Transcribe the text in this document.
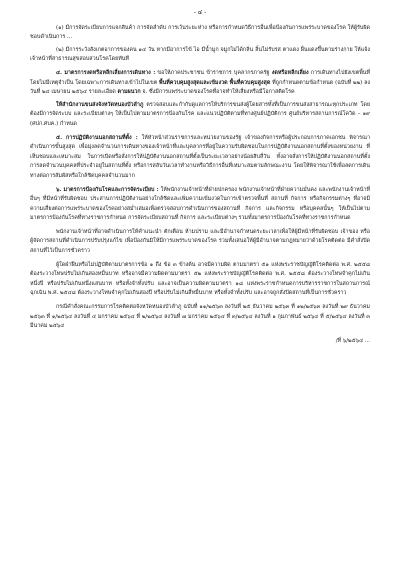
- ๔ -

(๑) มีการจัดระเบียบการแจกสินค้า การจัดลำดับ การเว้นระยะห่าง หรือการกำหนดวิธีการอื่นเพื่อป้องกันการแพร่ระบาดของโรค ให้ผู้รับผิดชอบดำเนินการ ...

(๒) มีการระวังสังเกตอาการของคน ๑๔ วัน หากมีอาการไข้ ไอ มีน้ำมูก จมูกไม่ได้กลิ่น ลิ้นไม่รับรส ตาแดง ผื่นแดงขึ้นตามร่างกาย ให้แจ้งเจ้าหน้าที่สาธารณสุขสอบสวนโรคโดยทันที

๔. มาตรการงดหรือหลีกเลี่ยงการเดินทาง : ขอให้ภาคประชาชน ข้าราชการ บุคลากรภาครัฐ งดหรือหลีกเลี่ยง การเดินทางไปยังเขตพื้นที่โดยไม่มีเหตุจำเป็น โดยเฉพาะการเดินทางเข้าไปในเขต พื้นที่ควบคุมสูงสุดและเข้มงวด พื้นที่ควบคุมสูงสุด ที่ถูกกำหนดตามข้อกำหนด (ฉบับที่ ๒๒) ลงวันที่ ๒๔ เมษายน ๒๕๖๔ รายละเอียด ตามผนวก จ. ซึ่งมีการแพร่ระบาดของโรคที่อาจทำให้เสี่ยงหรือมีโอกาสติดโรค

ให้สำนักงานขนส่งจังหวัดหนองบัวลำภู ตรวจสอบและกำกับดูแลการให้บริการขนส่งผู้โดยสารทั้งที่เป็นการขนส่งสาธารณะทุกประเภท โดยต้องมีการจัดระบบ และระเบียบต่างๆ ให้เป็นไปตามมาตรการป้องกันโรค และแนวปฏิบัติตามที่ทางศูนย์ปฏิบัติการ ศูนย์บริหารสถานการณ์โควิด – ๑๙ (ศปก.ศบค.) กำหนด

๕. การปฏิบัติงานนอกสถานที่ตั้ง : ให้หัวหน้าส่วนราชการและหน่วยงานของรัฐ เจ้าของกิจการหรือผู้ประกอบการภาคเอกชน พิจารณาดำเนินการขั้นสูงสุด เพื่อมุ่งลดจำนวนการเดินทางของเจ้าหน้าที่และบุคลากรที่อยู่ในความรับผิดชอบในการปฏิบัติงานนอกสถานที่ตั้งของหน่วยงาน ที่เห็นชอบและเหมาะสม ในการเปิดหรือสั่งการให้ปฏิบัติงานนอกสถานที่ตั้งเป็นระยะเวลาอย่างน้อยสิบสี่วัน ทั้งอาจสั่งการให้ปฏิบัติงานนอกสถานที่ตั้ง การลดจำนวนบุคคลที่ประจำอยู่ในสถานที่ตั้ง หรือการสลับวันเวลาทำงานหรือวิธีการอื่นที่เหมาะสมตามลักษณะงาน โดยให้พิจารณาใช้เพื่อลดการเดินทางต่อการสัมผัสหรือใกล้ชิดบุคคลจำนวนมาก

๖. มาตรการป้องกันโรคและการจัดระเบียบ : ให้พนักงานเจ้าหน้าที่ฝ่ายปกครอง พนักงานเจ้าหน้าที่ฝ่ายความมั่นคง และพนักงานเจ้าหน้าที่อื่นๆ ที่มีหน้าที่รับผิดชอบ ประสานการปฏิบัติงานอย่างใกล้ชิดและเพิ่มความเข้มงวดในการเข้าตรวจพื้นที่ สถานที่ กิจการ หรือกิจกรรมต่างๆ ที่อาจมีความเสี่ยงต่อการแพร่ระบาดของโรคอย่างสม่ำเสมอเพื่อตรวจสอบการดำเนินการของสถานที่ กิจการ และกิจกรรม หรือบุคคลนั้นๆ ให้เป็นไปตามมาตรการป้องกันโรคที่ทางราชการกำหนด การจัดระเบียบสถานที่ กิจการ และระเบียบต่างๆ รวมทั้งมาตรการป้องกันโรคที่ทางราชการกำหนด

พนักงานเจ้าหน้าที่อาจดำเนินการให้คำแนะนำ ตักเตือน ห้ามปราม และมีอำนาจกำหนดระยะเวลาเพื่อให้ผู้มีหน้าที่รับผิดชอบ เจ้าของ หรือผู้จัดการสถานที่ดำเนินการปรับปรุงแก้ไข เพื่อป้องกันมิให้มีการแพร่ระบาดของโรค รวมทั้งเสนอให้ผู้มีอำนาจตามกฎหมายว่าด้วยโรคติดต่อ มีคำสั่งปิดสถานที่ไว้เป็นการชั่วคราว

ผู้ใดฝ่าฝืนหรือไม่ปฏิบัติตามมาตรการข้อ ๑ ถึง ข้อ ๓ ข้างต้น อาจมีความผิด ตามมาตรา ๕๑ แห่งพระราชบัญญัติโรคติดต่อ พ.ศ. ๒๕๕๘ ต้องระวางโทษปรับไม่เกินสองหมื่นบาท หรืออาจมีความผิดตามมาตรา ๕๒ แห่งพระราชบัญญัติโรคติดต่อ พ.ศ. ๒๕๕๘ ต้องระวางโทษจำคุกไม่เกินหนึ่งปี หรือปรับไม่เกินหนึ่งแสนบาท หรือทั้งจำทั้งปรับ และอาจเป็นความผิดตามมาตรา ๑๘ แห่งพระราชกำหนดการบริหารราชการในสถานการณ์ฉุกเฉิน พ.ศ. ๒๕๔๘ ต้องระวางโทษจำคุกไม่เกินสองปี หรือปรับไม่เกินสี่หมื่นบาท หรือทั้งจำทั้งปรับ และอาจถูกสั่งปิดสถานที่เป็นการชั่วคราว

กรณีคำสั่งคณะกรรมการโรคติดต่อจังหวัดหนองบัวลำภู ฉบับที่ ๑๑/๒๕๖๓ ลงวันที่ ๒๕ ธันวาคม ๒๕๖๓ ที่ ๑๒/๒๕๖๓ ลงวันที่ ๒๙ ธันวาคม ๒๕๖๓ ที่ ๑/๒๕๖๔ ลงวันที่ ๔ มกราคม ๒๕๖๔ ที่ ๒/๒๕๖๔ ลงวันที่ ๗ มกราคม ๒๕๖๔ ที่ ๓/๒๕๖๔ ลงวันที่ ๑ กุมภาพันธ์ ๒๕๖๔ ที่ ๕/๒๕๖๔ ลงวันที่ ๓ มีนาคม ๒๕๖๔

/ที่ ๖/๒๕๖๔ ...
